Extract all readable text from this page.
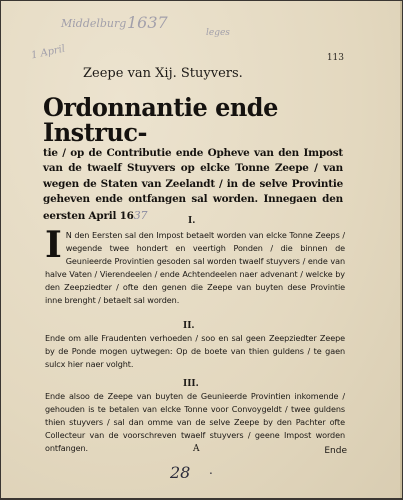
Middelburg 1637
leges
1 April	113
Zeepe van Xij. Stuyvers.
Ordonnantie ende Instruc-
tie / op de Contributie ende Opheve van den Impost van de twaelf Stuyvers op elcke Tonne Zeepe / van wegen de Staten van Zeelandt / in de selve Provintie geheven ende ontfangen sal worden. Innegaen den eersten April 1637	I.
I N den Eersten sal den Impost betaelt worden van elcke Tonne Zeeps / wegende twee hondert en veertigh Ponden / die binnen de Geunieerde Provintien gesoden sal worden twaelf stuyvers / ende van halve Vaten / Vierendeelen / ende Achtendeelen naer advenant / welcke by den Zeepziedter / ofte den genen die Zeepe van buyten dese Provintie inne brenght / betaelt sal worden.
II.
Ende om alle Fraudenten verhoeden / soo en sal geen Zeepziedter Zeepe by de Ponde mogen uytwegen: Op de boete van thien guldens / te gaen sulcx hier naer volght.
III.
Ende alsoo de Zeepe van buyten de Geunieerde Provintien inkomende / gehouden is te betalen van elcke Tonne voor Convoygeldt / twee guldens thien stuyvers / sal dan omme van de selve Zeepe by den Pachter ofte Collecteur van de voorschreven twaelf stuyvers / geene Impost worden ontfangen.	A	Ende
28 .
